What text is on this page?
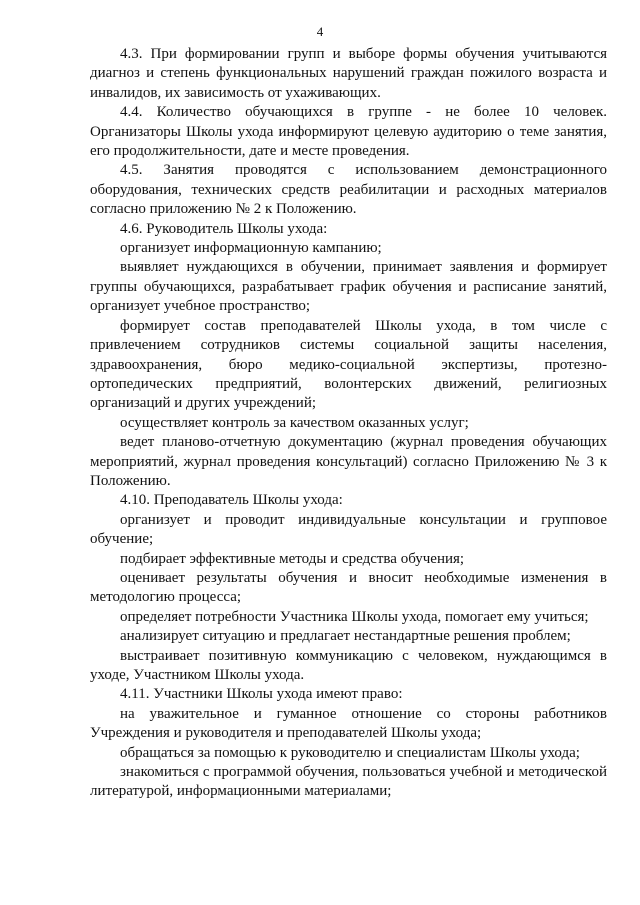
4

4.3. При формировании групп и выборе формы обучения учитываются диагноз и степень функциональных нарушений граждан пожилого возраста и инвалидов, их зависимость от ухаживающих.

4.4. Количество обучающихся в группе - не более 10 человек. Организаторы Школы ухода информируют целевую аудиторию о теме занятия, его продолжительности, дате и месте проведения.

4.5. Занятия проводятся с использованием демонстрационного оборудования, технических средств реабилитации и расходных материалов согласно приложению № 2 к Положению.

4.6. Руководитель Школы ухода:

организует информационную кампанию;

выявляет нуждающихся в обучении, принимает заявления и формирует группы обучающихся, разрабатывает график обучения и расписание занятий, организует учебное пространство;

формирует состав преподавателей Школы ухода, в том числе с привлечением сотрудников системы социальной защиты населения, здравоохранения, бюро медико-социальной экспертизы, протезно-ортопедических предприятий, волонтерских движений, религиозных организаций и других учреждений;

осуществляет контроль за качеством оказанных услуг;

ведет планово-отчетную документацию (журнал проведения обучающих мероприятий, журнал проведения консультаций) согласно Приложению № 3 к Положению.

4.10. Преподаватель Школы ухода:

организует и проводит индивидуальные консультации и групповое обучение;

подбирает эффективные методы и средства обучения;

оценивает результаты обучения и вносит необходимые изменения в методологию процесса;

определяет потребности Участника Школы ухода, помогает ему учиться;

анализирует ситуацию и предлагает нестандартные решения проблем;

выстраивает позитивную коммуникацию с человеком, нуждающимся в уходе, Участником Школы ухода.

4.11. Участники Школы ухода имеют право:

на уважительное и гуманное отношение со стороны работников Учреждения и руководителя и преподавателей Школы ухода;

обращаться за помощью к руководителю и специалистам Школы ухода;

знакомиться с программой обучения, пользоваться учебной и методической литературой, информационными материалами;
